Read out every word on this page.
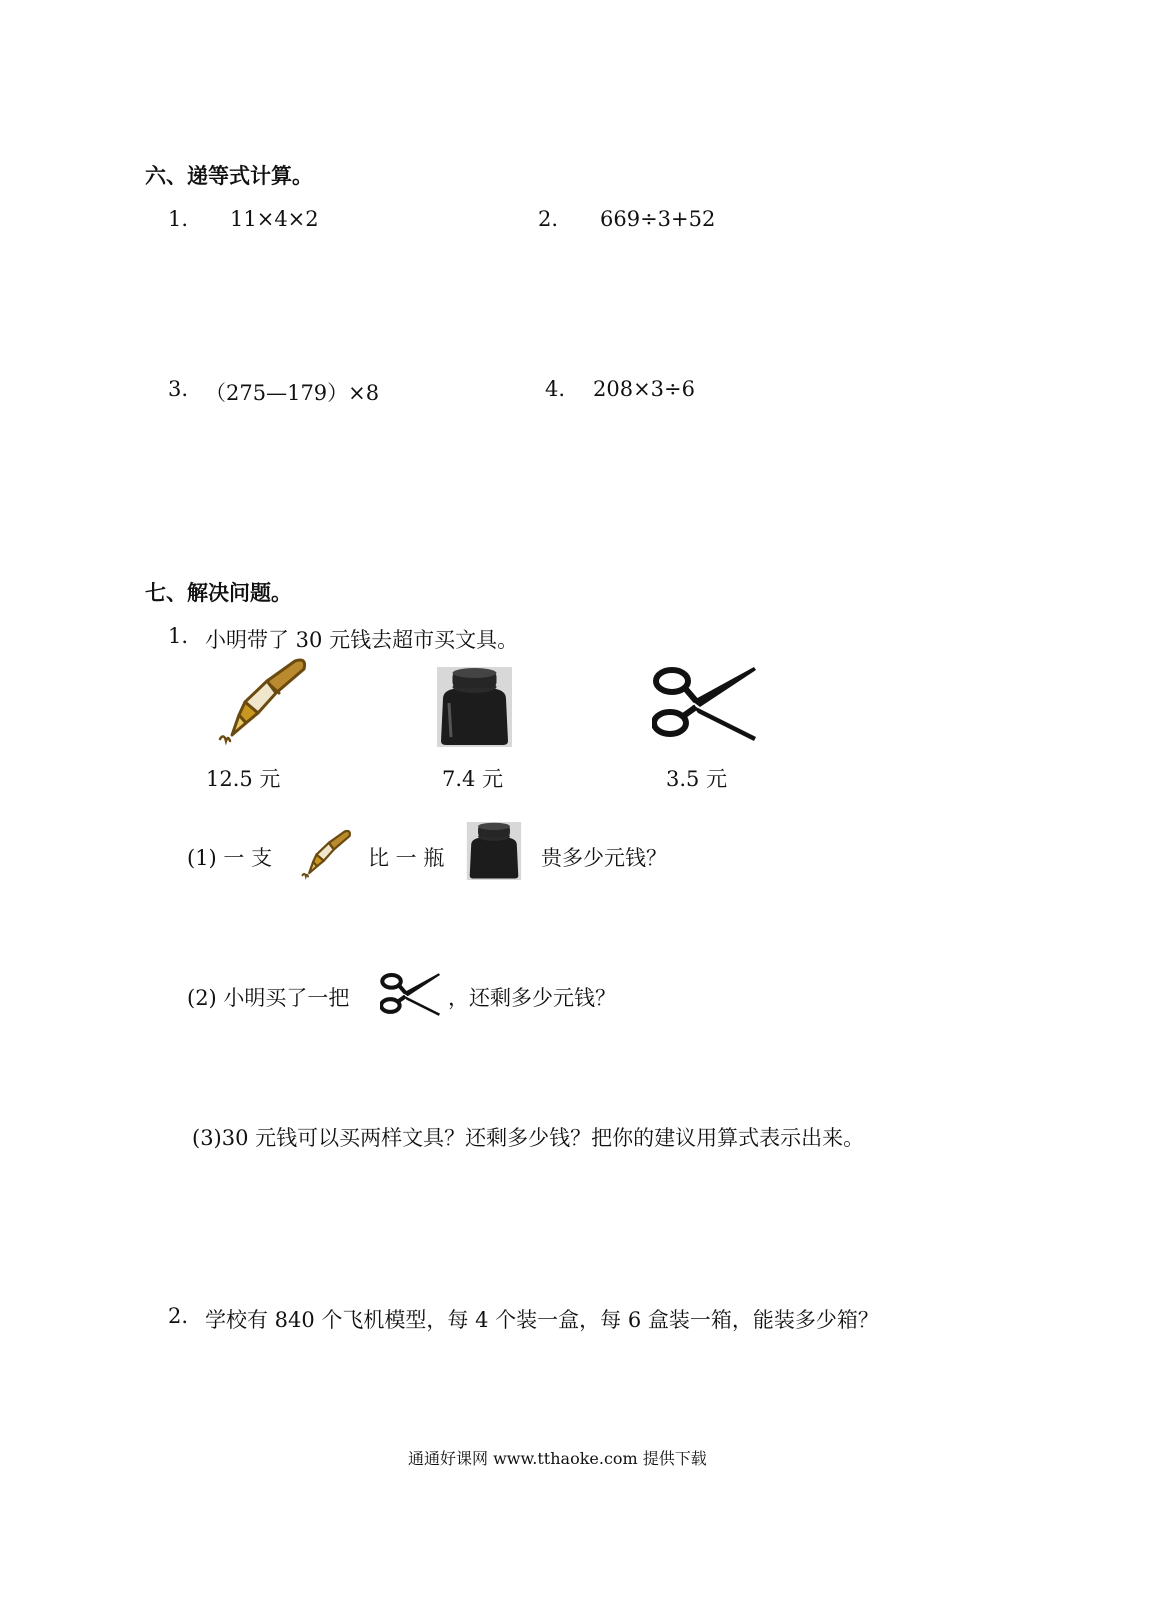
六、递等式计算。
1. 11×4×2	2. 669÷3+52
3. （275—179）×8	4. 208×3÷6
七、解决问题。
1. 小明带了 30 元钱去超市买文具。
12.5 元	7.4 元	3.5 元
(1) 一 支	比 一 瓶	贵多少元钱？
(2) 小明买了一把	，还剩多少元钱？
(3)30 元钱可以买两样文具？还剩多少钱？把你的建议用算式表示出来。
2. 学校有 840 个飞机模型，每 4 个装一盒，每 6 盒装一箱，能装多少箱？
通通好课网 www.tthaoke.com 提供下载
